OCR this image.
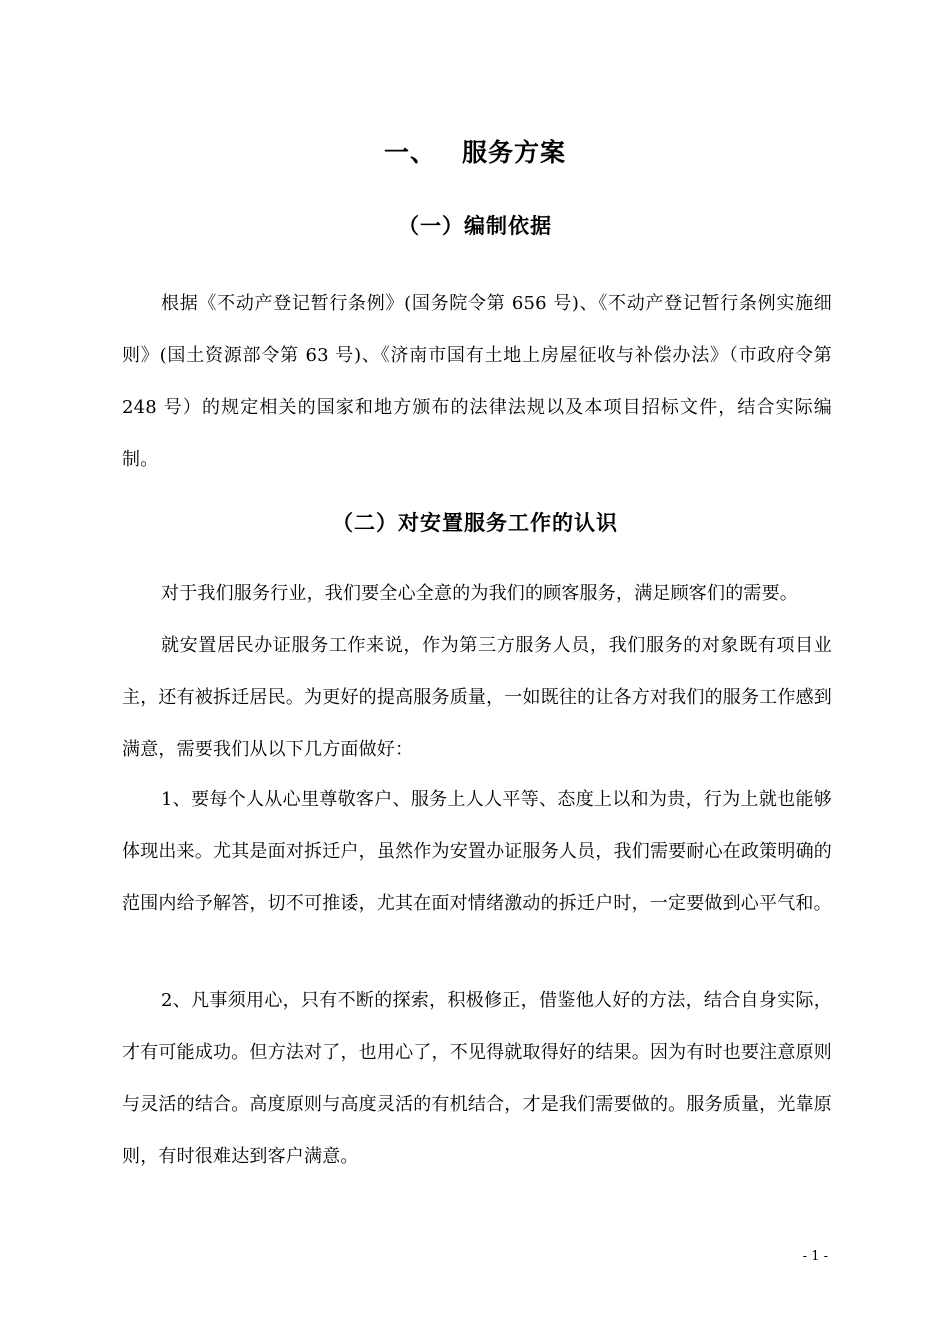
一、 服务方案
（一）编制依据
根据《不动产登记暂行条例》(国务院令第 656 号)、《不动产登记暂行条例实施细则》(国土资源部令第 63 号)、《济南市国有土地上房屋征收与补偿办法》（市政府令第 248 号）的规定相关的国家和地方颁布的法律法规以及本项目招标文件，结合实际编制。
（二）对安置服务工作的认识
对于我们服务行业，我们要全心全意的为我们的顾客服务，满足顾客们的需要。
就安置居民办证服务工作来说，作为第三方服务人员，我们服务的对象既有项目业主，还有被拆迁居民。为更好的提高服务质量，一如既往的让各方对我们的服务工作感到满意，需要我们从以下几方面做好：
1、要每个人从心里尊敬客户、服务上人人平等、态度上以和为贵，行为上就也能够体现出来。尤其是面对拆迁户，虽然作为安置办证服务人员，我们需要耐心在政策明确的范围内给予解答，切不可推诿，尤其在面对情绪激动的拆迁户时，一定要做到心平气和。
2、凡事须用心，只有不断的探索，积极修正，借鉴他人好的方法，结合自身实际，才有可能成功。但方法对了，也用心了，不见得就取得好的结果。因为有时也要注意原则与灵活的结合。高度原则与高度灵活的有机结合，才是我们需要做的。服务质量，光靠原则，有时很难达到客户满意。
- 1 -
